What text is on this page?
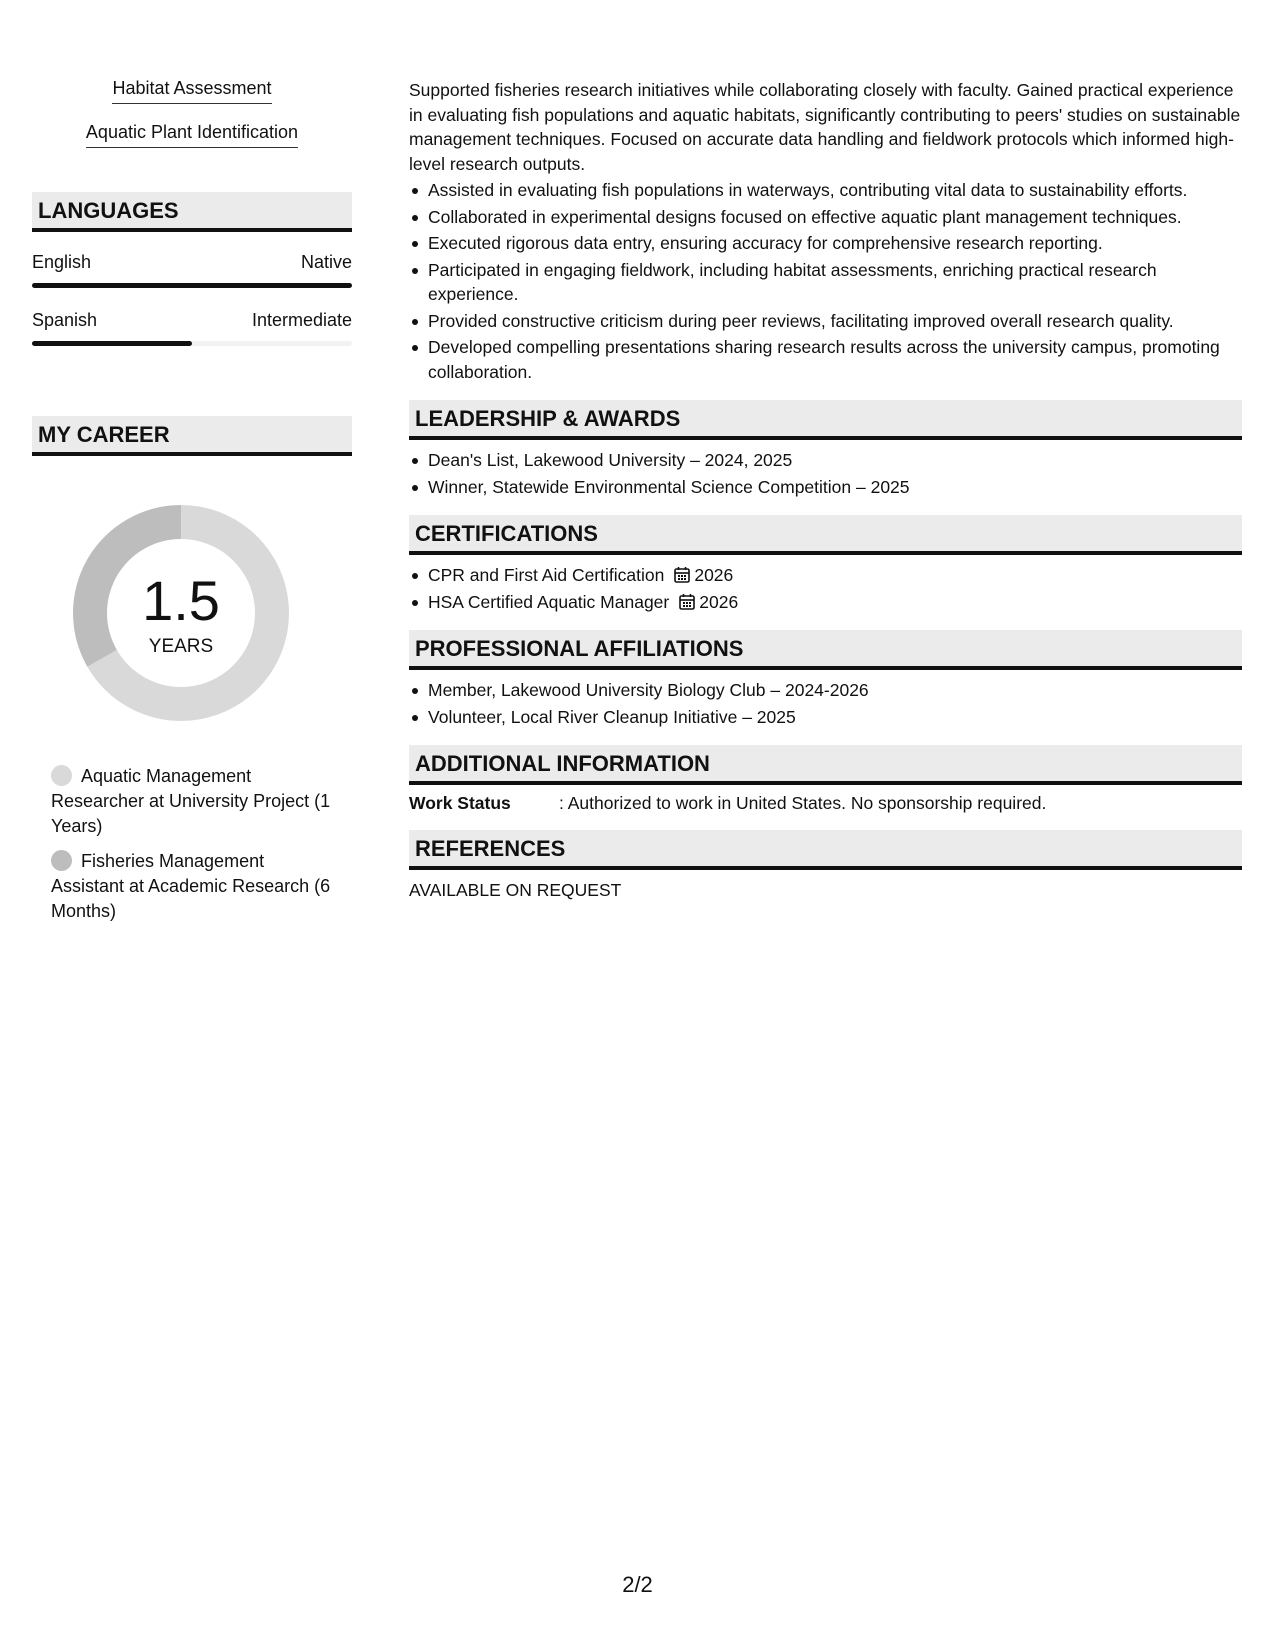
Habitat Assessment
Aquatic Plant Identification
LANGUAGES
English	Native
Spanish	Intermediate
MY CAREER
1.5
YEARS
Aquatic Management Researcher at University Project (1 Years)
Fisheries Management Assistant at Academic Research (6 Months)

Supported fisheries research initiatives while collaborating closely with faculty. Gained practical experience in evaluating fish populations and aquatic habitats, significantly contributing to peers' studies on sustainable management techniques. Focused on accurate data handling and fieldwork protocols which informed high-level research outputs.

Assisted in evaluating fish populations in waterways, contributing vital data to sustainability efforts.
Collaborated in experimental designs focused on effective aquatic plant management techniques.
Executed rigorous data entry, ensuring accuracy for comprehensive research reporting.
Participated in engaging fieldwork, including habitat assessments, enriching practical research experience.
Provided constructive criticism during peer reviews, facilitating improved overall research quality.
Developed compelling presentations sharing research results across the university campus, promoting collaboration.
LEADERSHIP & AWARDS
Dean's List, Lakewood University – 2024, 2025
Winner, Statewide Environmental Science Competition – 2025
CERTIFICATIONS
CPR and First Aid Certification 2026
HSA Certified Aquatic Manager 2026
PROFESSIONAL AFFILIATIONS
Member, Lakewood University Biology Club – 2024-2026
Volunteer, Local River Cleanup Initiative – 2025
ADDITIONAL INFORMATION
Work Status	: Authorized to work in United States. No sponsorship required.
REFERENCES
AVAILABLE ON REQUEST
2/2
